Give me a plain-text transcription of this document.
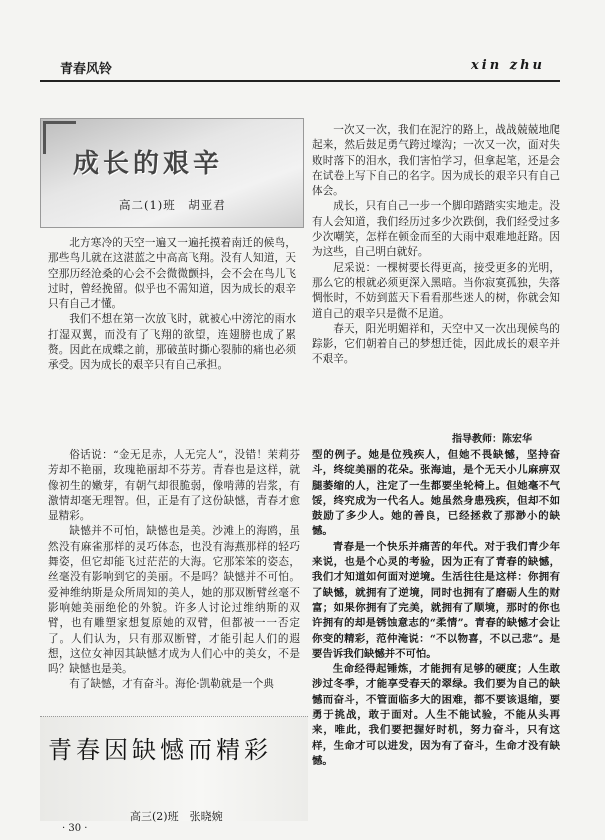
青春风铃	xin zhu
成长的艰辛
高二(1)班　胡亚君

北方寒冷的天空一遍又一遍托摸着南迁的候鸟，那些鸟儿就在这湛蓝之中高高飞翔。没有人知道，天空那历经沧桑的心会不会微微颤抖，会不会在鸟儿飞过时，曾经挽留。似乎也不需知道，因为成长的艰辛只有自己才懂。

我们不想在第一次放飞时，就被心中滂沱的雨水打湿双翼，而没有了飞翔的欲望，连翅膀也成了累赘。因此在成蝶之前，那破茧时撕心裂肺的痛也必须承受。因为成长的艰辛只有自己承担。

一次又一次，我们在泥泞的路上，战战兢兢地爬起来，然后鼓足勇气跨过壕沟；一次又一次，面对失败时落下的泪水，我们害怕学习，但拿起笔，还是会在试卷上写下自己的名字。因为成长的艰辛只有自己体会。

成长，只有自己一步一个脚印踏踏实实地走。没有人会知道，我们经历过多少次跌倒，我们经受过多少次嘲笑，怎样在顿金而至的大雨中艰难地赶路。因为这些，自己明白就好。

尼采说：一棵树要长得更高，接受更多的光明，那么它的根就必须更深入黑暗。当你寂寞孤独，失落惆怅时，不妨到蓝天下看看那些迷人的树，你就会知道自己的艰辛只是微不足道。

春天，阳光明媚祥和，天空中又一次出现候鸟的踪影，它们朝着自己的梦想迁徙，因此成长的艰辛并不艰辛。

指导教师：陈宏华

俗话说：“金无足赤，人无完人”，没错！茉莉芬芳却不艳丽，玫瑰艳丽却不芬芳。青春也是这样，就像初生的嫩芽，有朝气却很脆弱，像啃薄的岩浆，有激情却毫无理智。但，正是有了这份缺憾，青春才愈显精彩。

缺憾并不可怕，缺憾也是美。沙滩上的海鸥，虽然没有麻雀那样的灵巧体态，也没有海燕那样的轻巧舞姿，但它却能飞过茫茫的大海。它那笨笨的姿态，丝毫没有影响到它的美丽。不是吗？缺憾并不可怕。爱神维纳斯是众所周知的美人，她的那双断臂丝毫不影响她美丽绝伦的外貌。许多人讨论过维纳斯的双臂，也有雕塑家想复原她的双臂，但都被一一否定了。人们认为，只有那双断臂，才能引起人们的遐想，这位女神因其缺憾才成为人们心中的美女，不是吗？缺憾也是美。

有了缺憾，才有奋斗。海伦·凯勒就是一个典

青春因缺憾而精彩
高三(2)班　张晓婉

型的例子。她是位残疾人，但她不畏缺憾，坚持奋斗，终绽美丽的花朵。张海迪，是个无天小儿麻痹双腿萎缩的人，注定了一生都要坐轮椅上。但她毫不气馁，终究成为一代名人。她虽然身患残疾，但却不如鼓励了多少人。她的善良，已经拯救了那渺小的缺憾。

青春是一个快乐并痛苦的年代。对于我们青少年来说，也是个心灵的考验，因为正有了青春的缺憾，我们才知道如何面对逆境。生活往往是这样：你拥有了缺憾，就拥有了逆境，同时也拥有了磨砺人生的财富；如果你拥有了完美，就拥有了顺境，那时的你也许拥有的却是锈蚀意志的“柔情”。青春的缺憾才会让你变的精彩，范仲淹说：“不以物喜，不以己悲”。是要告诉我们缺憾并不可怕。

生命经得起锤炼，才能拥有足够的硬度；人生敢涉过冬季，才能享受春天的翠绿。我们要为自己的缺憾而奋斗，不管面临多大的困难，都不要该退缩，要勇于挑战，敢于面对。人生不能试验，不能从头再来，唯此，我们要把握好时机，努力奋斗，只有这样，生命才可以进发，因为有了奋斗，生命才没有缺憾。

· 30 ·
